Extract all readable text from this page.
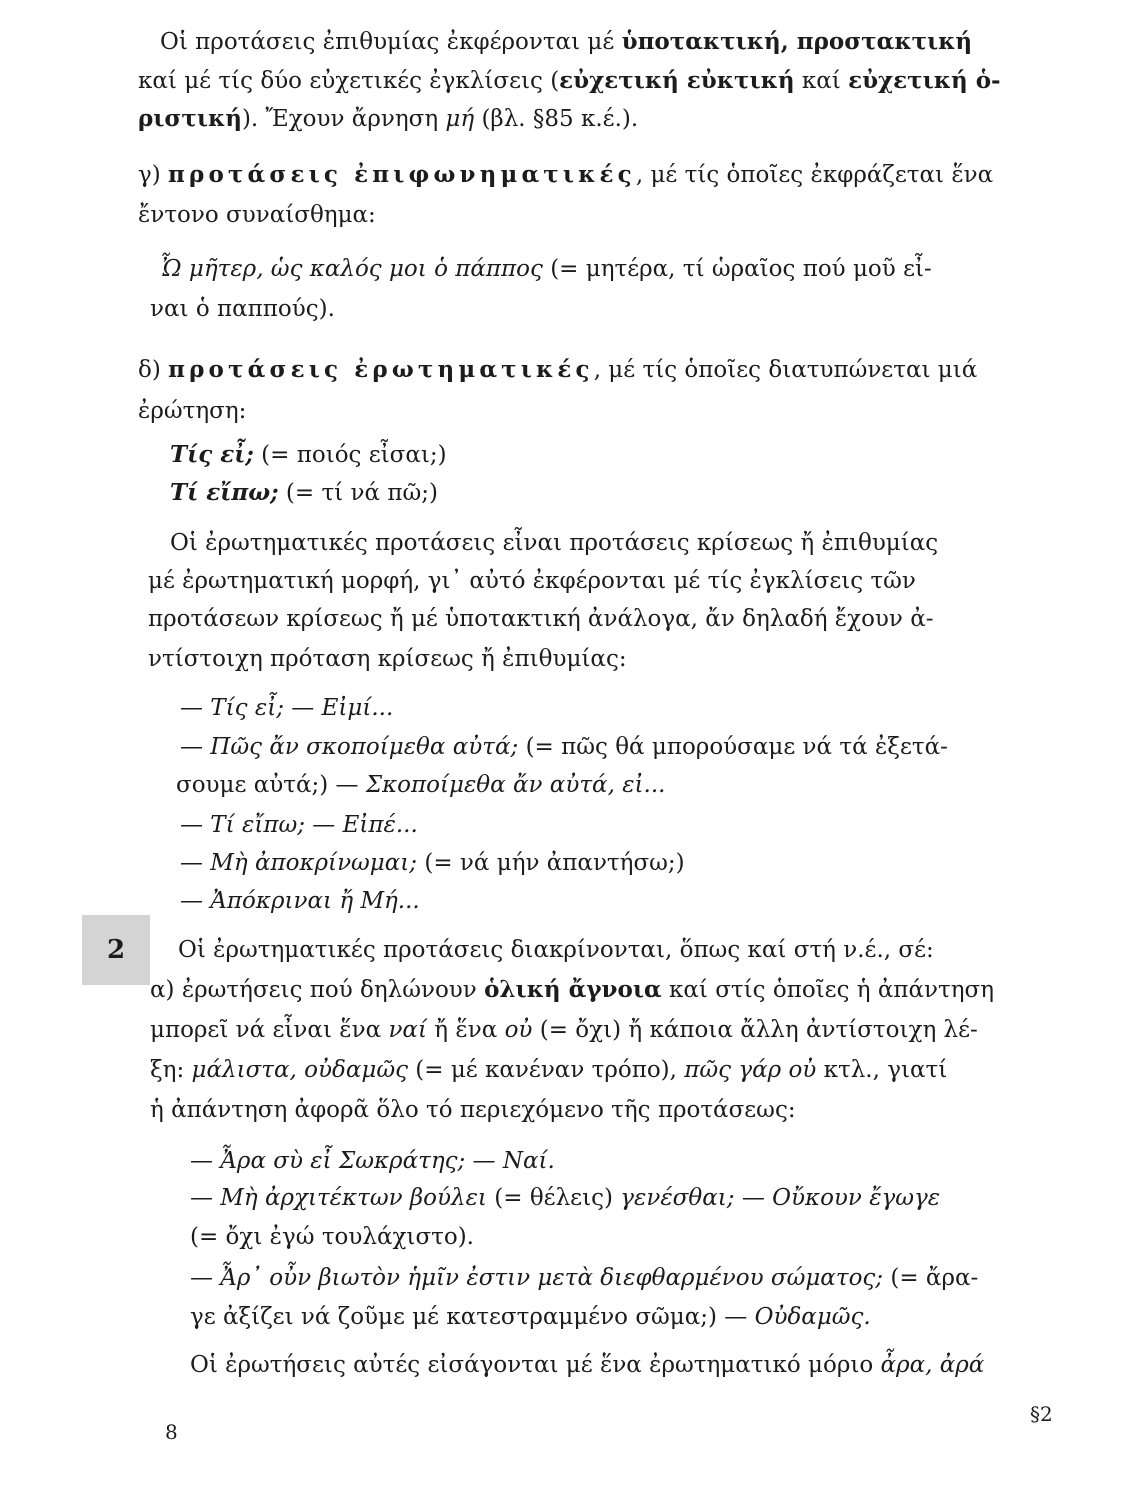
Οἱ προτάσεις ἐπιθυμίας ἐκφέρονται μέ ὑποτακτική, προστακτική
καί μέ τίς δύο εὐχετικές ἐγκλίσεις (εὐχετική εὐκτική καί εὐχετική ὁ-
ριστική). Ἔχουν ἄρνηση μή (βλ. §85 κ.έ.).
γ) προτάσεις ἐπιφωνηματικές, μέ τίς ὁποῖες ἐκφράζεται ἕνα
ἔντονο συναίσθημα:
Ὦ μῆτερ, ὡς καλός μοι ὁ πάππος (= μητέρα, τί ὡραῖος πού μοῦ εἶ-
ναι ὁ παππούς).
δ) προτάσεις ἐρωτηματικές, μέ τίς ὁποῖες διατυπώνεται μιά
ἐρώτηση:
Τίς εἶ; (= ποιός εἶσαι;)
Τί εἴπω; (= τί νά πῶ;)
Οἱ ἐρωτηματικές προτάσεις εἶναι προτάσεις κρίσεως ἤ ἐπιθυμίας
μέ ἐρωτηματική μορφή, γι᾽ αὐτό ἐκφέρονται μέ τίς ἐγκλίσεις τῶν
προτάσεων κρίσεως ἤ μέ ὑποτακτική ἀνάλογα, ἄν δηλαδή ἔχουν ἀ-
ντίστοιχη πρόταση κρίσεως ἤ ἐπιθυμίας:
— Τίς εἶ; — Εἰμί...
— Πῶς ἄν σκοποίμεθα αὐτά; (= πῶς θά μπορούσαμε νά τά ἐξετά-
σουμε αὐτά;) — Σκοποίμεθα ἄν αὐτά, εἰ...
— Τί εἴπω; — Εἰπέ...
— Μὴ ἀποκρίνωμαι; (= νά μήν ἀπαντήσω;)
— Ἀπόκριναι ἤ Μή...
2	Οἱ ἐρωτηματικές προτάσεις διακρίνονται, ὅπως καί στή ν.έ., σέ:
α) ἐρωτήσεις πού δηλώνουν ὁλική ἄγνοια καί στίς ὁποῖες ἡ ἀπάντηση
μπορεῖ νά εἶναι ἕνα ναί ἤ ἕνα οὐ (= ὄχι) ἤ κάποια ἄλλη ἀντίστοιχη λέ-
ξη: μάλιστα, οὐδαμῶς (= μέ κανέναν τρόπο), πῶς γάρ οὐ κτλ., γιατί
ἡ ἀπάντηση ἀφορᾶ ὅλο τό περιεχόμενο τῆς προτάσεως:
— Ἆρα σὺ εἶ Σωκράτης; — Ναί.
— Μὴ ἀρχιτέκτων βούλει (= θέλεις) γενέσθαι; — Οὔκουν ἔγωγε
(= ὄχι ἐγώ τουλάχιστο).
— Ἆρ᾽ οὖν βιωτὸν ἡμῖν ἐστιν μετὰ διεφθαρμένου σώματος; (= ἄρα-
γε ἀξίζει νά ζοῦμε μέ κατεστραμμένο σῶμα;) — Οὐδαμῶς.
Οἱ ἐρωτήσεις αὐτές εἰσάγονται μέ ἕνα ἐρωτηματικό μόριο ἆρα, ἀρά
8
§2
